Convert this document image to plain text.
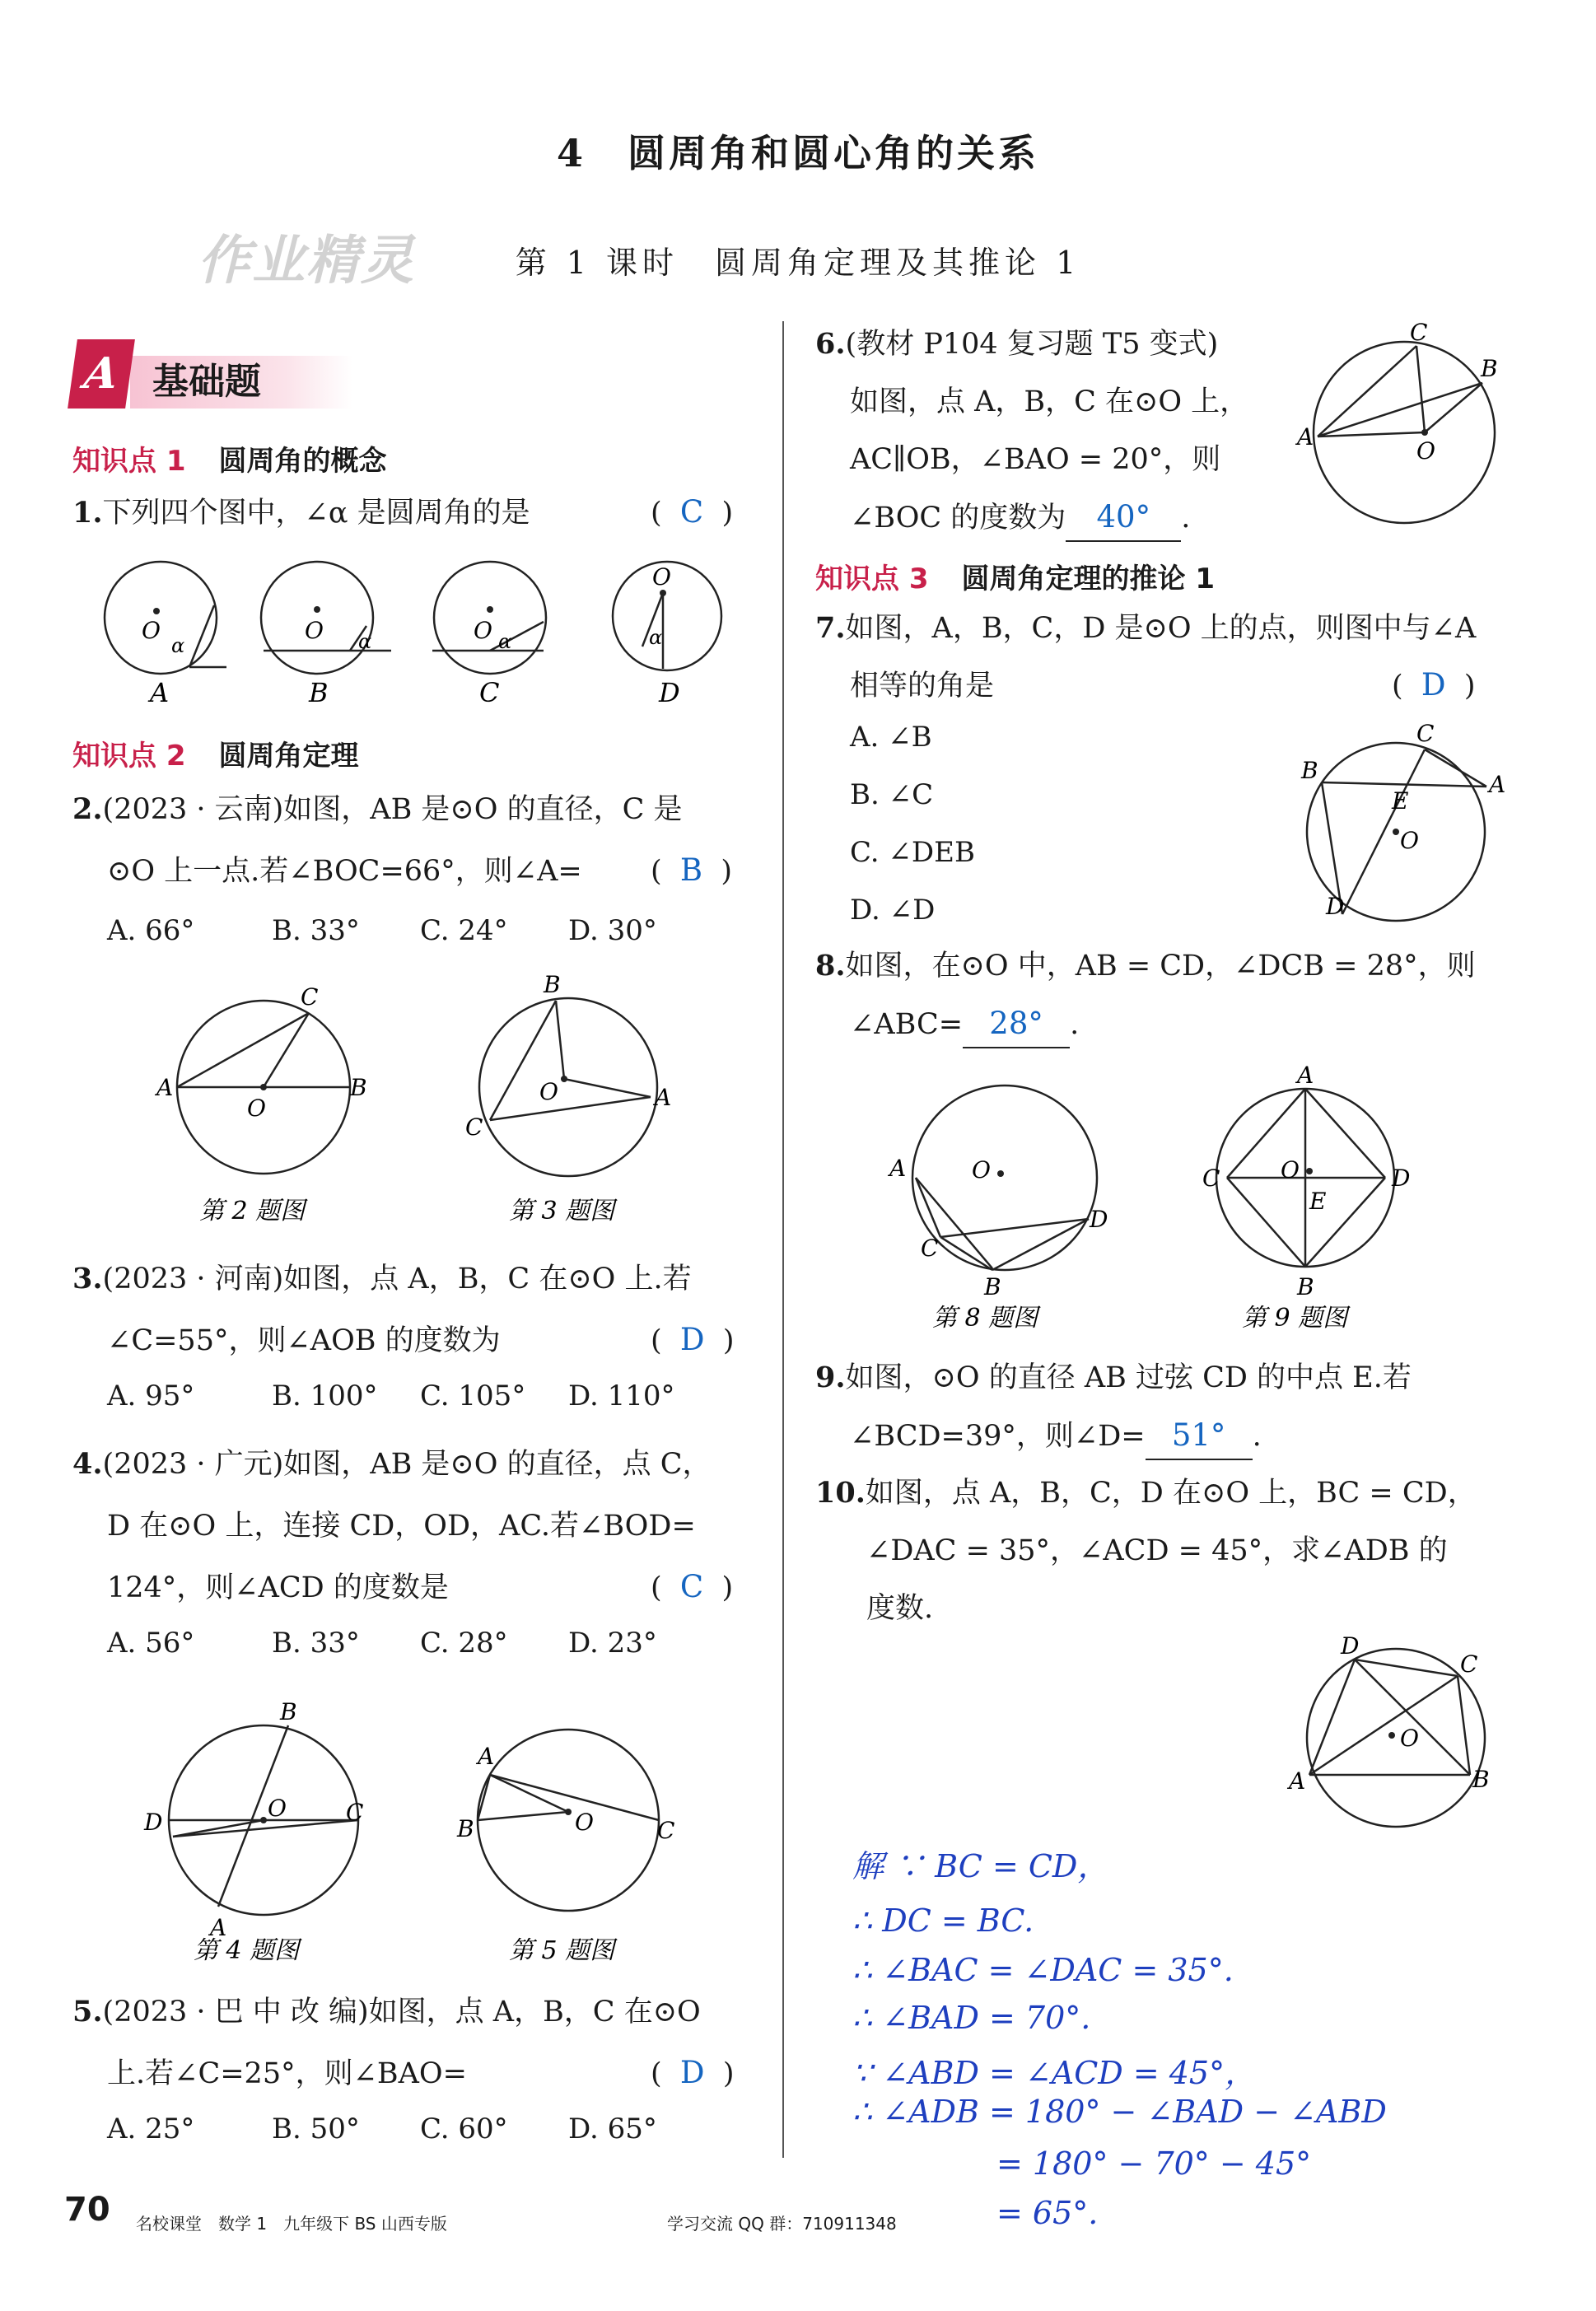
4　圆周角和圆心角的关系
作业精灵	第 1 课时　圆周角定理及其推论 1
A 基础题
知识点 1 圆周角的概念
1.下列四个图中，∠α 是圆周角的是	(  C  )
O
α
A
O α
B
O α
C
O
α
D
知识点 2 圆周角定理
2.(2023 · 云南)如图，AB 是⊙O 的直径，C 是
⊙O 上一点.若∠BOC=66°，则∠A= (  B  )
A. 66°	B. 33° C. 24° D. 30°
A	B
C
O
第 2 题图
B
C
A
O
第 3 题图
3.(2023 · 河南)如图，点 A，B，C 在⊙O 上.若
∠C=55°，则∠AOB 的度数为	(  D  )
A. 95°	B. 100° C. 105° D. 110°
4.(2023 · 广元)如图，AB 是⊙O 的直径，点 C，
D 在⊙O 上，连接 CD，OD，AC.若∠BOD=
124°，则∠ACD 的度数是	(  C  )
A. 56°	B. 33° C. 28° D. 23°
B
D	C
O
A
第 4 题图
A
B	C
O
第 5 题图
5.(2023 · 巴 中 改 编)如图，点 A，B，C 在⊙O
上.若∠C=25°，则∠BAO=	(  D  )
A. 25°	B. 50° C. 60° D. 65°
6.(教材 P104 复习题 T5 变式)
如图，点 A，B，C 在⊙O 上，
AC∥OB，∠BAO = 20°，则
∠BOC 的度数为 40° .
C
B
A
O
知识点 3 圆周角定理的推论 1
7.如图，A，B，C，D 是⊙O 上的点，则图中与∠A
相等的角是	(  D  )
A. ∠B
B. ∠C
C. ∠DEB
D. ∠D
C
B
A
E
O
D
8.如图，在⊙O 中，AB = CD，∠DCB = 28°，则
∠ABC= 28° .
A	O
C
B
D
第 8 题图
A
C	O
E
D
B
第 9 题图
9.如图，⊙O 的直径 AB 过弦 CD 的中点 E.若
∠BCD=39°，则∠D= 51° .
10.如图，点 A，B，C，D 在⊙O 上，BC = CD，
∠DAC = 35°，∠ACD = 45°，求∠ADB 的
度数.
D
C
A
O
B
解 ∵ BC = CD，
∴ DC = BC.
∴ ∠BAC = ∠DAC = 35°.
∴ ∠BAD = 70°.
∵ ∠ABD = ∠ACD = 45°，
∴ ∠ADB = 180° − ∠BAD − ∠ABD
= 180° − 70° − 45°
= 65°.
70 名校课堂　数学 1　九年级下 BS 山西专版	学习交流 QQ 群：710911348
